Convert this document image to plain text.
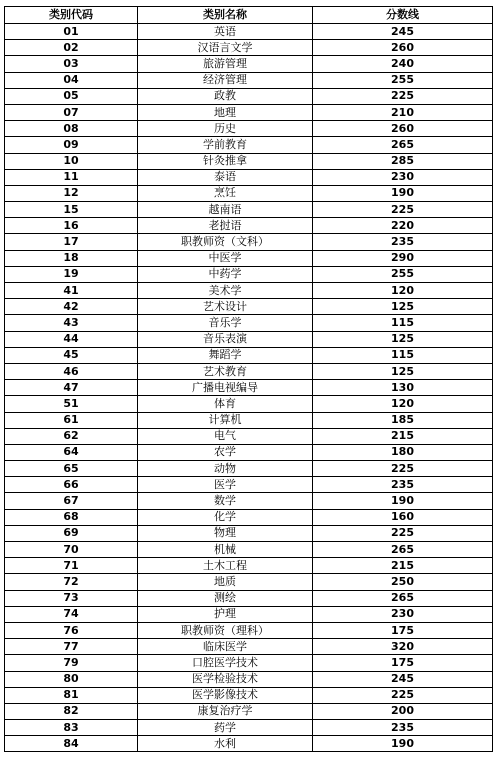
类别代码	类别名称	分数线
01	英语	245
02	汉语言文学	260
03	旅游管理	240
04	经济管理	255
05	政教	225
07	地理	210
08	历史	260
09	学前教育	265
10	针灸推拿	285
11	泰语	230
12	烹饪	190
15	越南语	225
16	老挝语	220
17	职教师资（文科）	235
18	中医学	290
19	中药学	255
41	美术学	120
42	艺术设计	125
43	音乐学	115
44	音乐表演	125
45	舞蹈学	115
46	艺术教育	125
47	广播电视编导	130
51	体育	120
61	计算机	185
62	电气	215
64	农学	180
65	动物	225
66	医学	235
67	数学	190
68	化学	160
69	物理	225
70	机械	265
71	土木工程	215
72	地质	250
73	测绘	265
74	护理	230
76	职教师资（理科）	175
77	临床医学	320
79	口腔医学技术	175
80	医学检验技术	245
81	医学影像技术	225
82	康复治疗学	200
83	药学	235
84	水利	190
